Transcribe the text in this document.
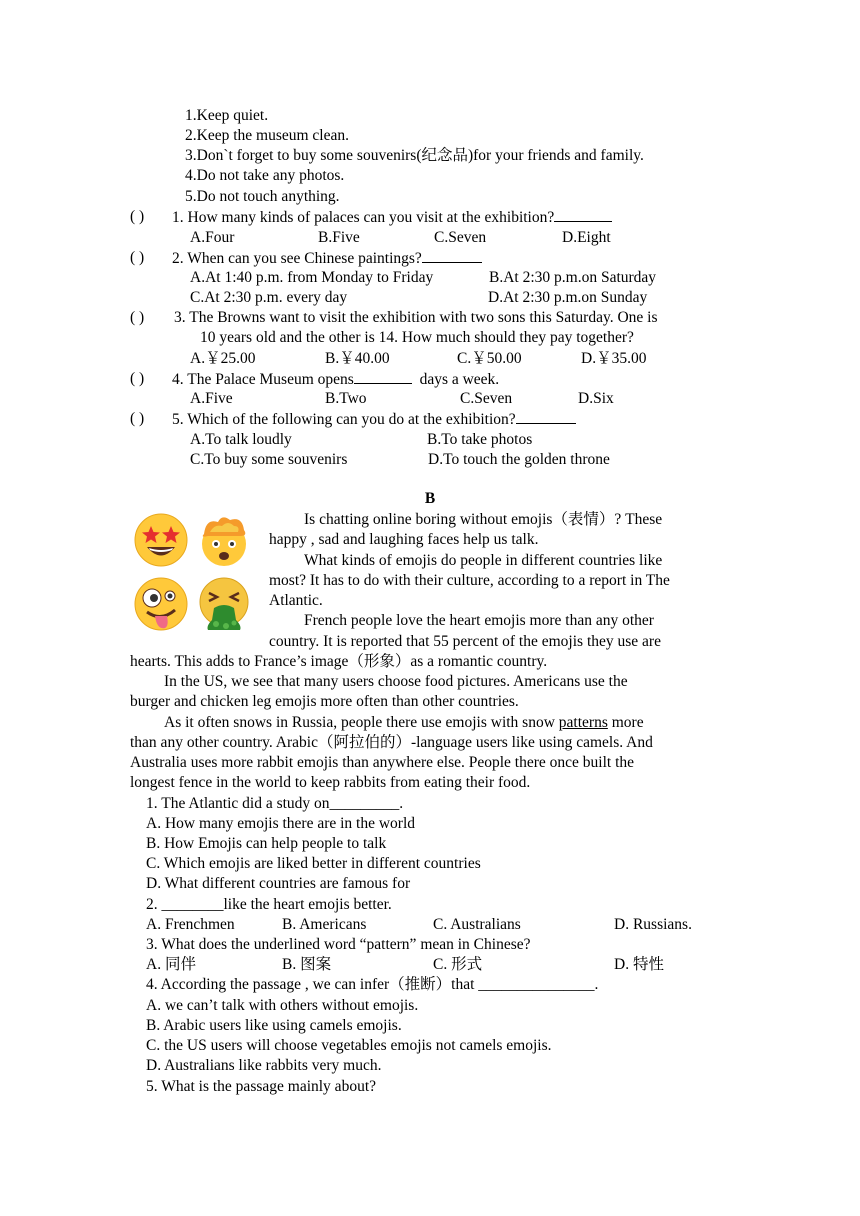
1.Keep quiet.
2.Keep the museum clean.
3.Don`t forget to buy some souvenirs(纪念品)for your friends and family.
4.Do not take any photos.
5.Do not touch anything.
( ) 1. How many kinds of palaces can you visit at the exhibition?
A.Four	B.Five	C.Seven	D.Eight
( ) 2. When can you see Chinese paintings?
A.At 1:40 p.m. from Monday to Friday	B.At 2:30 p.m.on Saturday
C.At 2:30 p.m. every day	D.At 2:30 p.m.on Sunday
( ) 3. The Browns want to visit the exhibition with two sons this Saturday. One is
10 years old and the other is 14. How much should they pay together?
A.￥25.00	B.￥40.00	C.￥50.00	D.￥35.00
( ) 4. The Palace Museum opens	days a week.
A.Five	B.Two	C.Seven	D.Six
( ) 5. Which of the following can you do at the exhibition?
A.To talk loudly	B.To take photos
C.To buy some souvenirs	D.To touch the golden throne
B
Is chatting online boring without emojis（表情）? These
happy , sad and laughing faces help us talk.
What kinds of emojis do people in different countries like
most? It has to do with their culture, according to a report in The
Atlantic.
French people love the heart emojis more than any other
country. It is reported that 55 percent of the emojis they use are
hearts. This adds to France’s image（形象）as a romantic country.
In the US, we see that many users choose food pictures. Americans use the
burger and chicken leg emojis more often than other countries.
As it often snows in Russia, people there use emojis with snow patterns more
than any other country. Arabic（阿拉伯的）-language users like using camels. And
Australia uses more rabbit emojis than anywhere else. People there once built the
longest fence in the world to keep rabbits from eating their food.
1. The Atlantic did a study on_________.
A. How many emojis there are in the world
B. How Emojis can help people to talk
C. Which emojis are liked better in different countries
D. What different countries are famous for
2. ________like the heart emojis better.
A. Frenchmen	B. Americans	C. Australians	D. Russians.
3. What does the underlined word “pattern” mean in Chinese?
A. 同伴	B. 图案	C. 形式	D. 特性
4. According the passage , we can infer（推断）that _______________.
A. we can’t talk with others without emojis.
B. Arabic users like using camels emojis.
C. the US users will choose vegetables emojis not camels emojis.
D. Australians like rabbits very much.
5. What is the passage mainly about?
